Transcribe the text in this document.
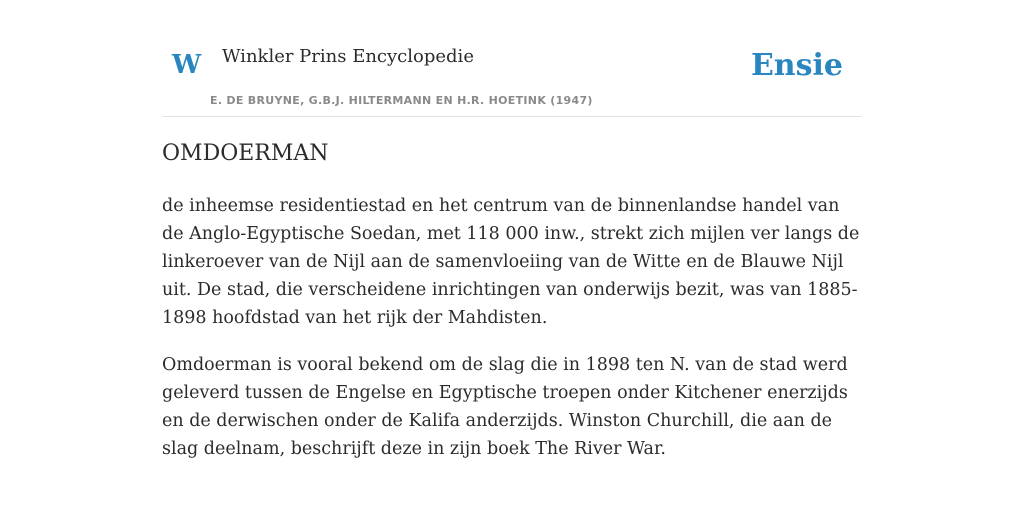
W Winkler Prins Encyclopedie
E. DE BRUYNE, G.B.J. HILTERMANN EN H.R. HOETINK (1947)
Ensie
OMDOERMAN

de inheemse residentiestad en het centrum van de binnenlandse handel van de Anglo-Egyptische Soedan, met 118 000 inw., strekt zich mijlen ver langs de linkeroever van de Nijl aan de samenvloeiing van de Witte en de Blauwe Nijl uit. De stad, die verscheidene inrichtingen van onderwijs bezit, was van 1885-1898 hoofdstad van het rijk der Mahdisten.

Omdoerman is vooral bekend om de slag die in 1898 ten N. van de stad werd geleverd tussen de Engelse en Egyptische troepen onder Kitchener enerzijds en de derwischen onder de Kalifa anderzijds. Winston Churchill, die aan de slag deelnam, beschrijft deze in zijn boek The River War.
